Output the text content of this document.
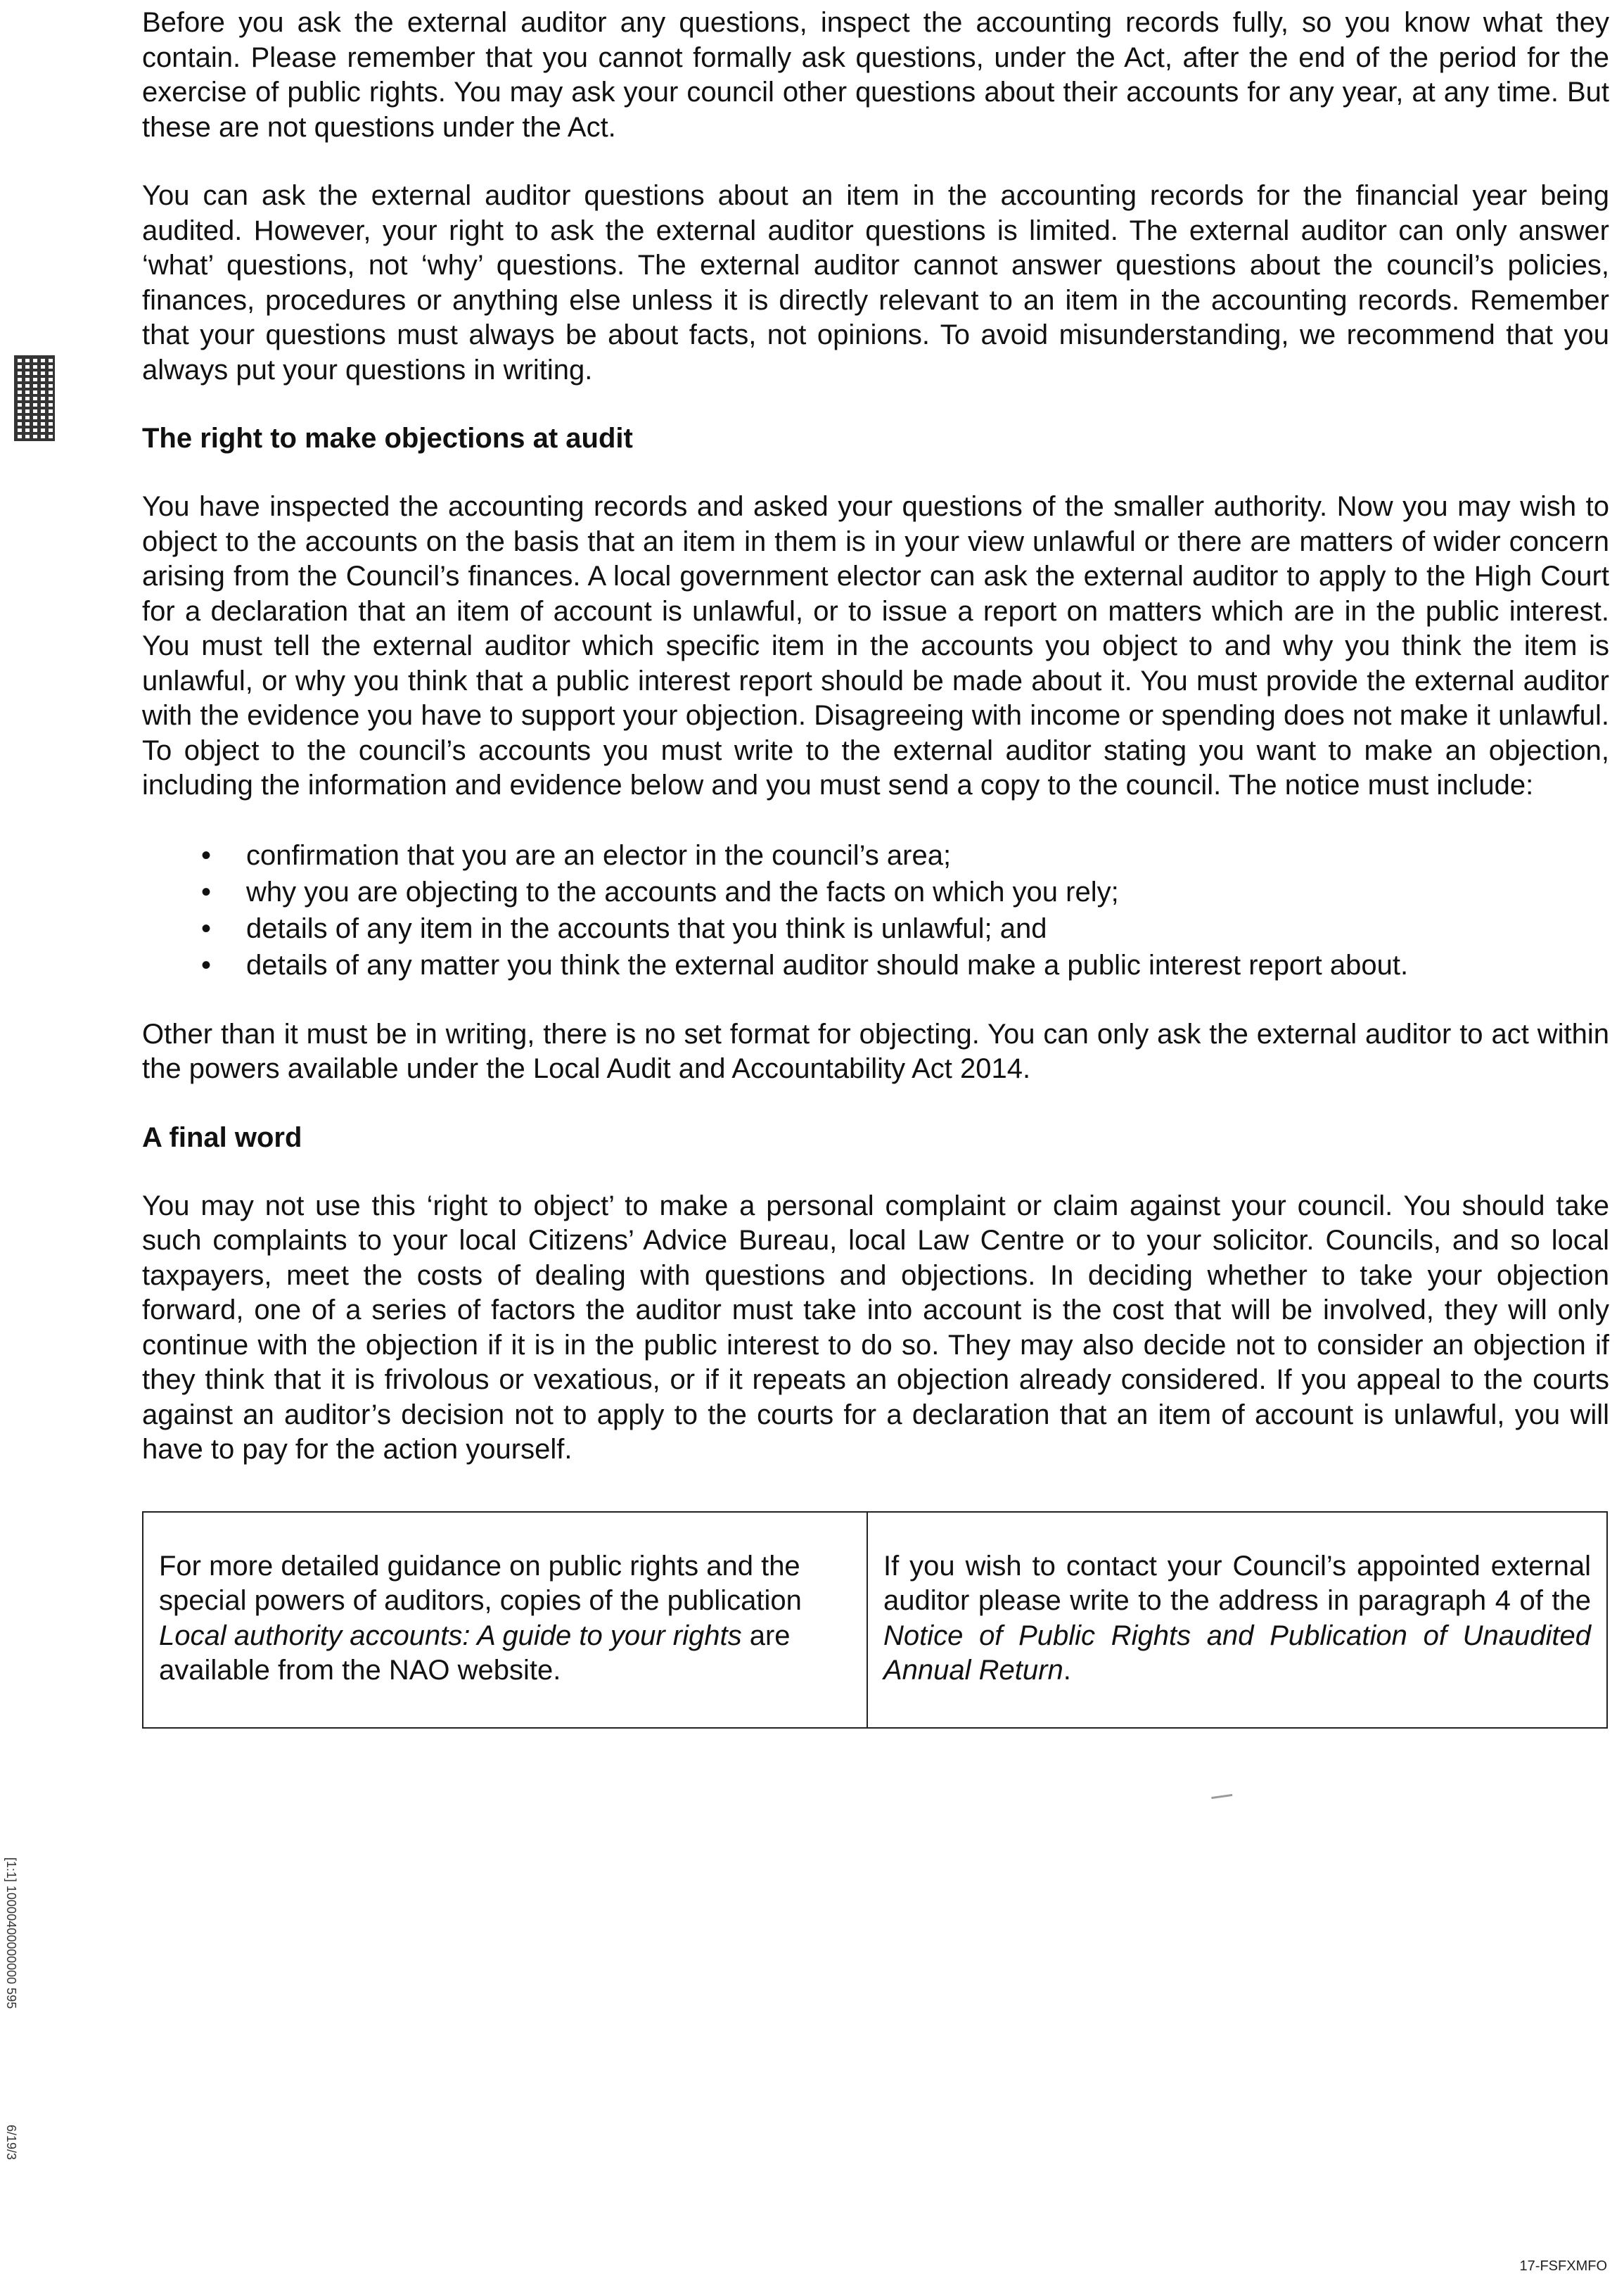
Before you ask the external auditor any questions, inspect the accounting records fully, so you know what they contain. Please remember that you cannot formally ask questions, under the Act, after the end of the period for the exercise of public rights. You may ask your council other questions about their accounts for any year, at any time. But these are not questions under the Act.

You can ask the external auditor questions about an item in the accounting records for the financial year being audited. However, your right to ask the external auditor questions is limited. The external auditor can only answer ‘what’ questions, not ‘why’ questions. The external auditor cannot answer questions about the council’s policies, finances, procedures or anything else unless it is directly relevant to an item in the accounting records. Remember that your questions must always be about facts, not opinions. To avoid misunderstanding, we recommend that you always put your questions in writing.

The right to make objections at audit

You have inspected the accounting records and asked your questions of the smaller authority. Now you may wish to object to the accounts on the basis that an item in them is in your view unlawful or there are matters of wider concern arising from the Council’s finances. A local government elector can ask the external auditor to apply to the High Court for a declaration that an item of account is unlawful, or to issue a report on matters which are in the public interest. You must tell the external auditor which specific item in the accounts you object to and why you think the item is unlawful, or why you think that a public interest report should be made about it. You must provide the external auditor with the evidence you have to support your objection. Disagreeing with income or spending does not make it unlawful. To object to the council’s accounts you must write to the external auditor stating you want to make an objection, including the information and evidence below and you must send a copy to the council. The notice must include:

• confirmation that you are an elector in the council’s area;
• why you are objecting to the accounts and the facts on which you rely;
• details of any item in the accounts that you think is unlawful; and
• details of any matter you think the external auditor should make a public interest report about.

Other than it must be in writing, there is no set format for objecting. You can only ask the external auditor to act within the powers available under the Local Audit and Accountability Act 2014.

A final word

You may not use this ‘right to object’ to make a personal complaint or claim against your council. You should take such complaints to your local Citizens’ Advice Bureau, local Law Centre or to your solicitor. Councils, and so local taxpayers, meet the costs of dealing with questions and objections. In deciding whether to take your objection forward, one of a series of factors the auditor must take into account is the cost that will be involved, they will only continue with the objection if it is in the public interest to do so. They may also decide not to consider an objection if they think that it is frivolous or vexatious, or if it repeats an objection already considered. If you appeal to the courts against an auditor’s decision not to apply to the courts for a declaration that an item of account is unlawful, you will have to pay for the action yourself.

For more detailed guidance on public rights and the special powers of auditors, copies of the publication Local authority accounts: A guide to your rights are available from the NAO website.
If you wish to contact your Council’s appointed external auditor please write to the address in paragraph 4 of the Notice of Public Rights and Publication of Unaudited Annual Return.
[1:1] 10000400000000 595
6/19/3
17-FSFXMFO
